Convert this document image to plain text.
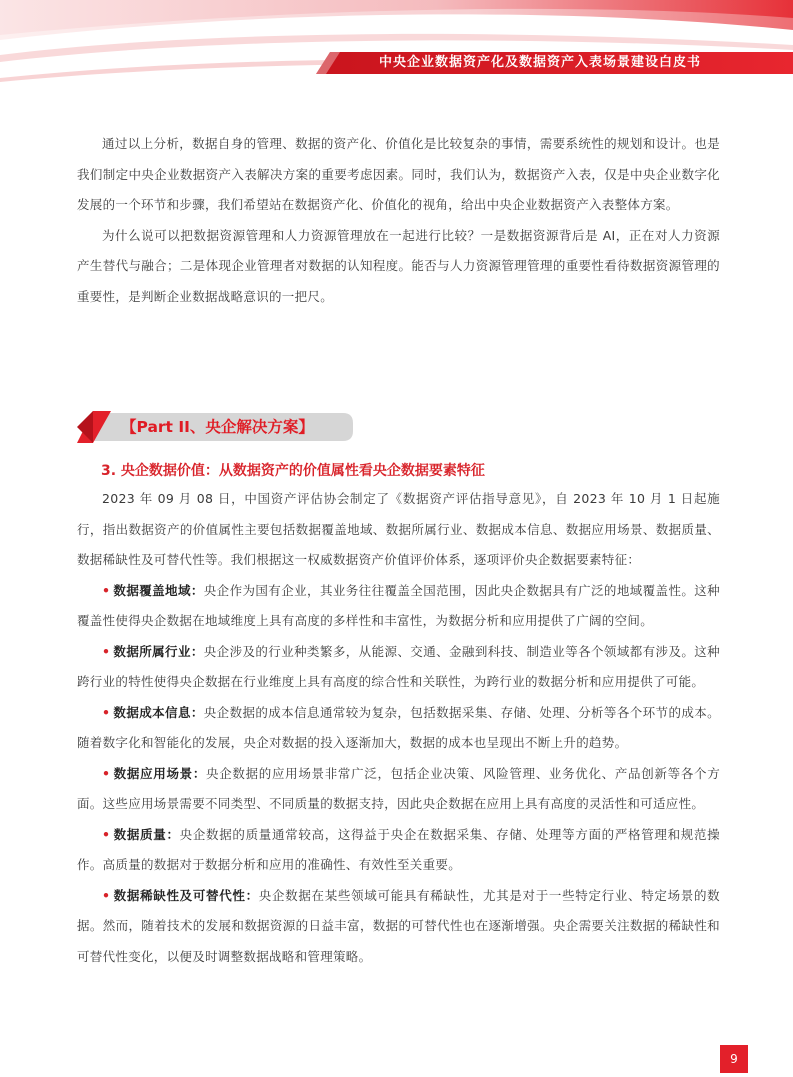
中央企业数据资产化及数据资产入表场景建设白皮书

通过以上分析，数据自身的管理、数据的资产化、价值化是比较复杂的事情，需要系统性的规划和设计。也是我们制定中央企业数据资产入表解决方案的重要考虑因素。同时，我们认为，数据资产入表，仅是中央企业数字化发展的一个环节和步骤，我们希望站在数据资产化、价值化的视角，给出中央企业数据资产入表整体方案。

为什么说可以把数据资源管理和人力资源管理放在一起进行比较？一是数据资源背后是 AI，正在对人力资源产生替代与融合；二是体现企业管理者对数据的认知程度。能否与人力资源管理管理的重要性看待数据资源管理的重要性，是判断企业数据战略意识的一把尺。

【Part II、央企解决方案】
3. 央企数据价值：从数据资产的价值属性看央企数据要素特征

2023 年 09 月 08 日，中国资产评估协会制定了《数据资产评估指导意见》，自 2023 年 10 月 1 日起施行，指出数据资产的价值属性主要包括数据覆盖地域、数据所属行业、数据成本信息、数据应用场景、数据质量、数据稀缺性及可替代性等。我们根据这一权威数据资产价值评价体系，逐项评价央企数据要素特征：

• 数据覆盖地域：央企作为国有企业，其业务往往覆盖全国范围，因此央企数据具有广泛的地域覆盖性。这种覆盖性使得央企数据在地域维度上具有高度的多样性和丰富性，为数据分析和应用提供了广阔的空间。

• 数据所属行业：央企涉及的行业种类繁多，从能源、交通、金融到科技、制造业等各个领域都有涉及。这种跨行业的特性使得央企数据在行业维度上具有高度的综合性和关联性，为跨行业的数据分析和应用提供了可能。

• 数据成本信息：央企数据的成本信息通常较为复杂，包括数据采集、存储、处理、分析等各个环节的成本。随着数字化和智能化的发展，央企对数据的投入逐渐加大，数据的成本也呈现出不断上升的趋势。

• 数据应用场景：央企数据的应用场景非常广泛，包括企业决策、风险管理、业务优化、产品创新等各个方面。这些应用场景需要不同类型、不同质量的数据支持，因此央企数据在应用上具有高度的灵活性和可适应性。

• 数据质量：央企数据的质量通常较高，这得益于央企在数据采集、存储、处理等方面的严格管理和规范操作。高质量的数据对于数据分析和应用的准确性、有效性至关重要。

• 数据稀缺性及可替代性：央企数据在某些领域可能具有稀缺性，尤其是对于一些特定行业、特定场景的数据。然而，随着技术的发展和数据资源的日益丰富，数据的可替代性也在逐渐增强。央企需要关注数据的稀缺性和可替代性变化，以便及时调整数据战略和管理策略。

9
